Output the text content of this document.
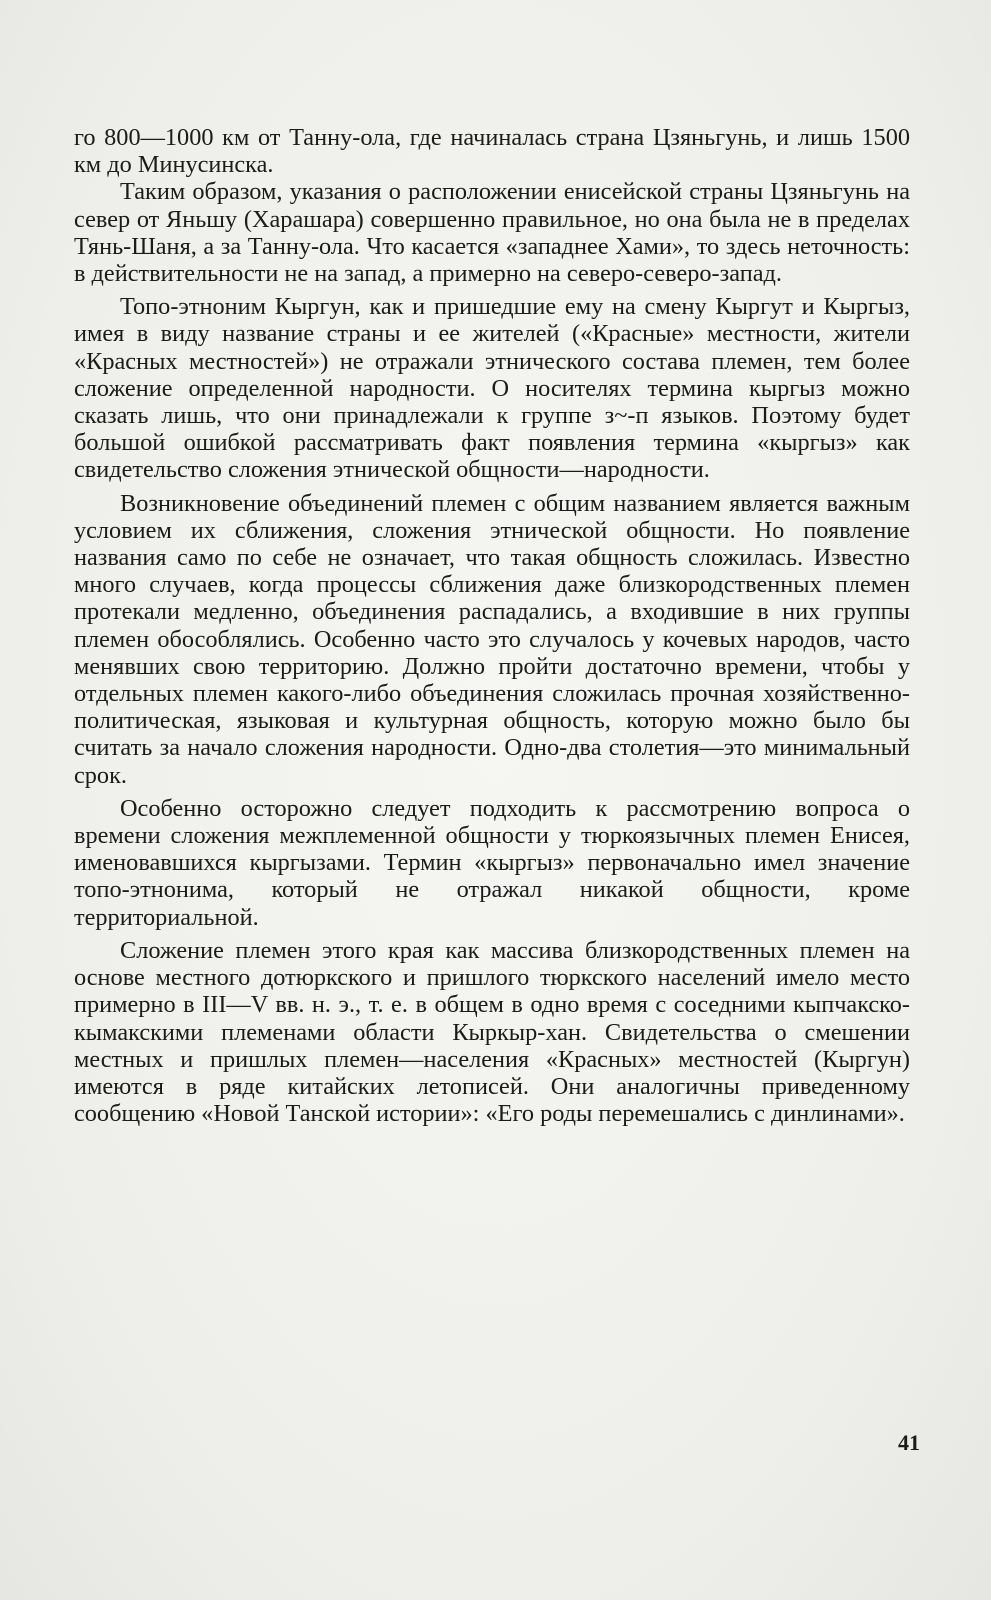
го 800—1000 км от Танну-ола, где начиналась страна Цзяньгунь, и лишь 1500 км до Минусинска.

Таким образом, указания о расположении енисейской страны Цзяньгунь на север от Яньшу (Харашара) совершенно правильное, но она была не в пределах Тянь-Шаня, а за Танну-ола. Что касается «западнее Хами», то здесь неточность: в действительности не на запад, а примерно на северо-северо-запад.

Топо-этноним Кыргун, как и пришедшие ему на смену Кыргут и Кыргыз, имея в виду название страны и ее жителей («Красные» местности, жители «Красных местностей») не отражали этнического состава племен, тем более сложение определенной народности. О носителях термина кыргыз можно сказать лишь, что они принадлежали к группе з~-п языков. Поэтому будет большой ошибкой рассматривать факт появления термина «кыргыз» как свидетельство сложения этнической общности—народности.

Возникновение объединений племен с общим названием является важным условием их сближения, сложения этнической общности. Но появление названия само по себе не означает, что такая общность сложилась. Известно много случаев, когда процессы сближения даже близкородственных племен протекали медленно, объединения распадались, а входившие в них группы племен обособлялись. Особенно часто это случалось у кочевых народов, часто менявших свою территорию. Должно пройти достаточно времени, чтобы у отдельных племен какого-либо объединения сложилась прочная хозяйственно-политическая, языковая и культурная общность, которую можно было бы считать за начало сложения народности. Одно-два столетия—это минимальный срок.

Особенно осторожно следует подходить к рассмотрению вопроса о времени сложения межплеменной общности у тюркоязычных племен Енисея, именовавшихся кыргызами. Термин «кыргыз» первоначально имел значение топо-этнонима, который не отражал никакой общности, кроме территориальной.

Сложение племен этого края как массива близкородственных племен на основе местного дотюркского и пришлого тюркского населений имело место примерно в III—V вв. н. э., т. е. в общем в одно время с соседними кыпчакско-кымакскими племенами области Кыркыр-хан. Свидетельства о смешении местных и пришлых племен—населения «Красных» местностей (Кыргун) имеются в ряде китайских летописей. Они аналогичны приведенному сообщению «Новой Танской истории»: «Его роды перемешались с динлинами».

41
